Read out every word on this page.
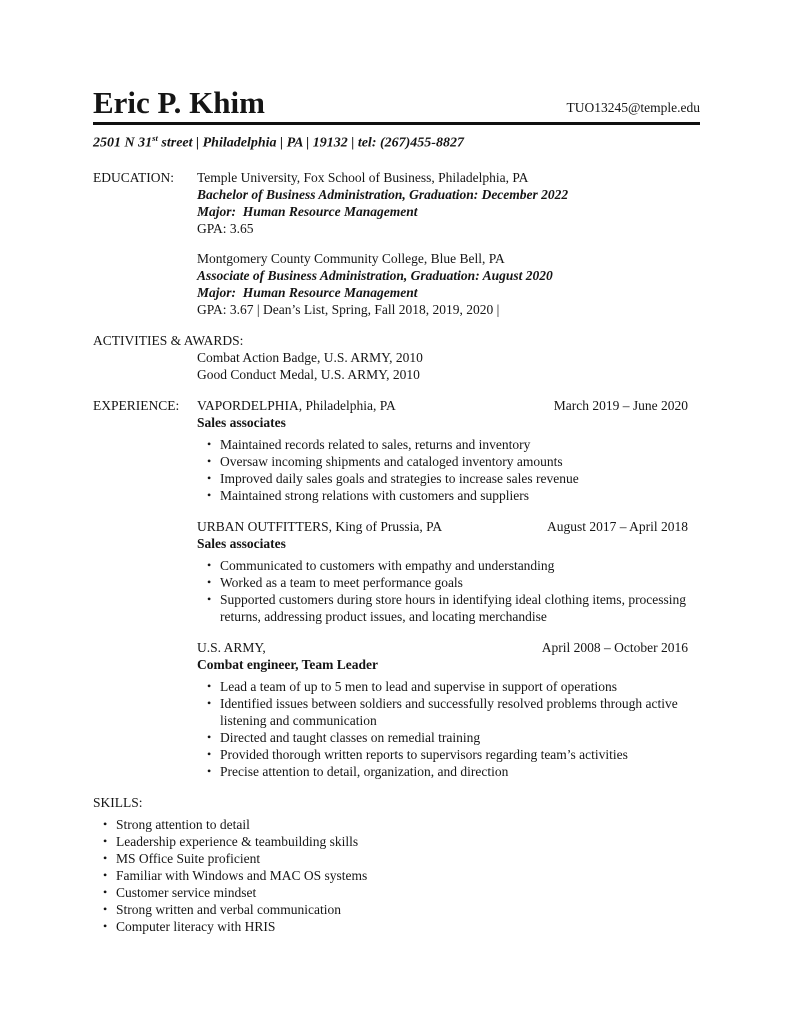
Eric P. Khim	TUO13245@temple.edu
2501 N 31st street | Philadelphia | PA | 19132 | tel: (267)455-8827
EDUCATION:	Temple University, Fox School of Business, Philadelphia, PA
Bachelor of Business Administration, Graduation: December 2022
Major:  Human Resource Management
GPA: 3.65
Montgomery County Community College, Blue Bell, PA
Associate of Business Administration, Graduation: August 2020
Major:  Human Resource Management
GPA: 3.67 | Dean’s List, Spring, Fall 2018, 2019, 2020 |
ACTIVITIES & AWARDS:
Combat Action Badge, U.S. ARMY, 2010
Good Conduct Medal, U.S. ARMY, 2010
EXPERIENCE:	VAPORDELPHIA, Philadelphia, PA	March 2019 – June 2020
Sales associates
• Maintained records related to sales, returns and inventory
• Oversaw incoming shipments and cataloged inventory amounts
• Improved daily sales goals and strategies to increase sales revenue
• Maintained strong relations with customers and suppliers
URBAN OUTFITTERS, King of Prussia, PA	August 2017 – April 2018
Sales associates
• Communicated to customers with empathy and understanding
• Worked as a team to meet performance goals
• Supported customers during store hours in identifying ideal clothing items, processing returns, addressing product issues, and locating merchandise
U.S. ARMY,	April 2008 – October 2016
Combat engineer, Team Leader
• Lead a team of up to 5 men to lead and supervise in support of operations
• Identified issues between soldiers and successfully resolved problems through active listening and communication
• Directed and taught classes on remedial training
• Provided thorough written reports to supervisors regarding team’s activities
• Precise attention to detail, organization, and direction
SKILLS:
• Strong attention to detail
• Leadership experience & teambuilding skills
• MS Office Suite proficient
• Familiar with Windows and MAC OS systems
• Customer service mindset
• Strong written and verbal communication
• Computer literacy with HRIS
